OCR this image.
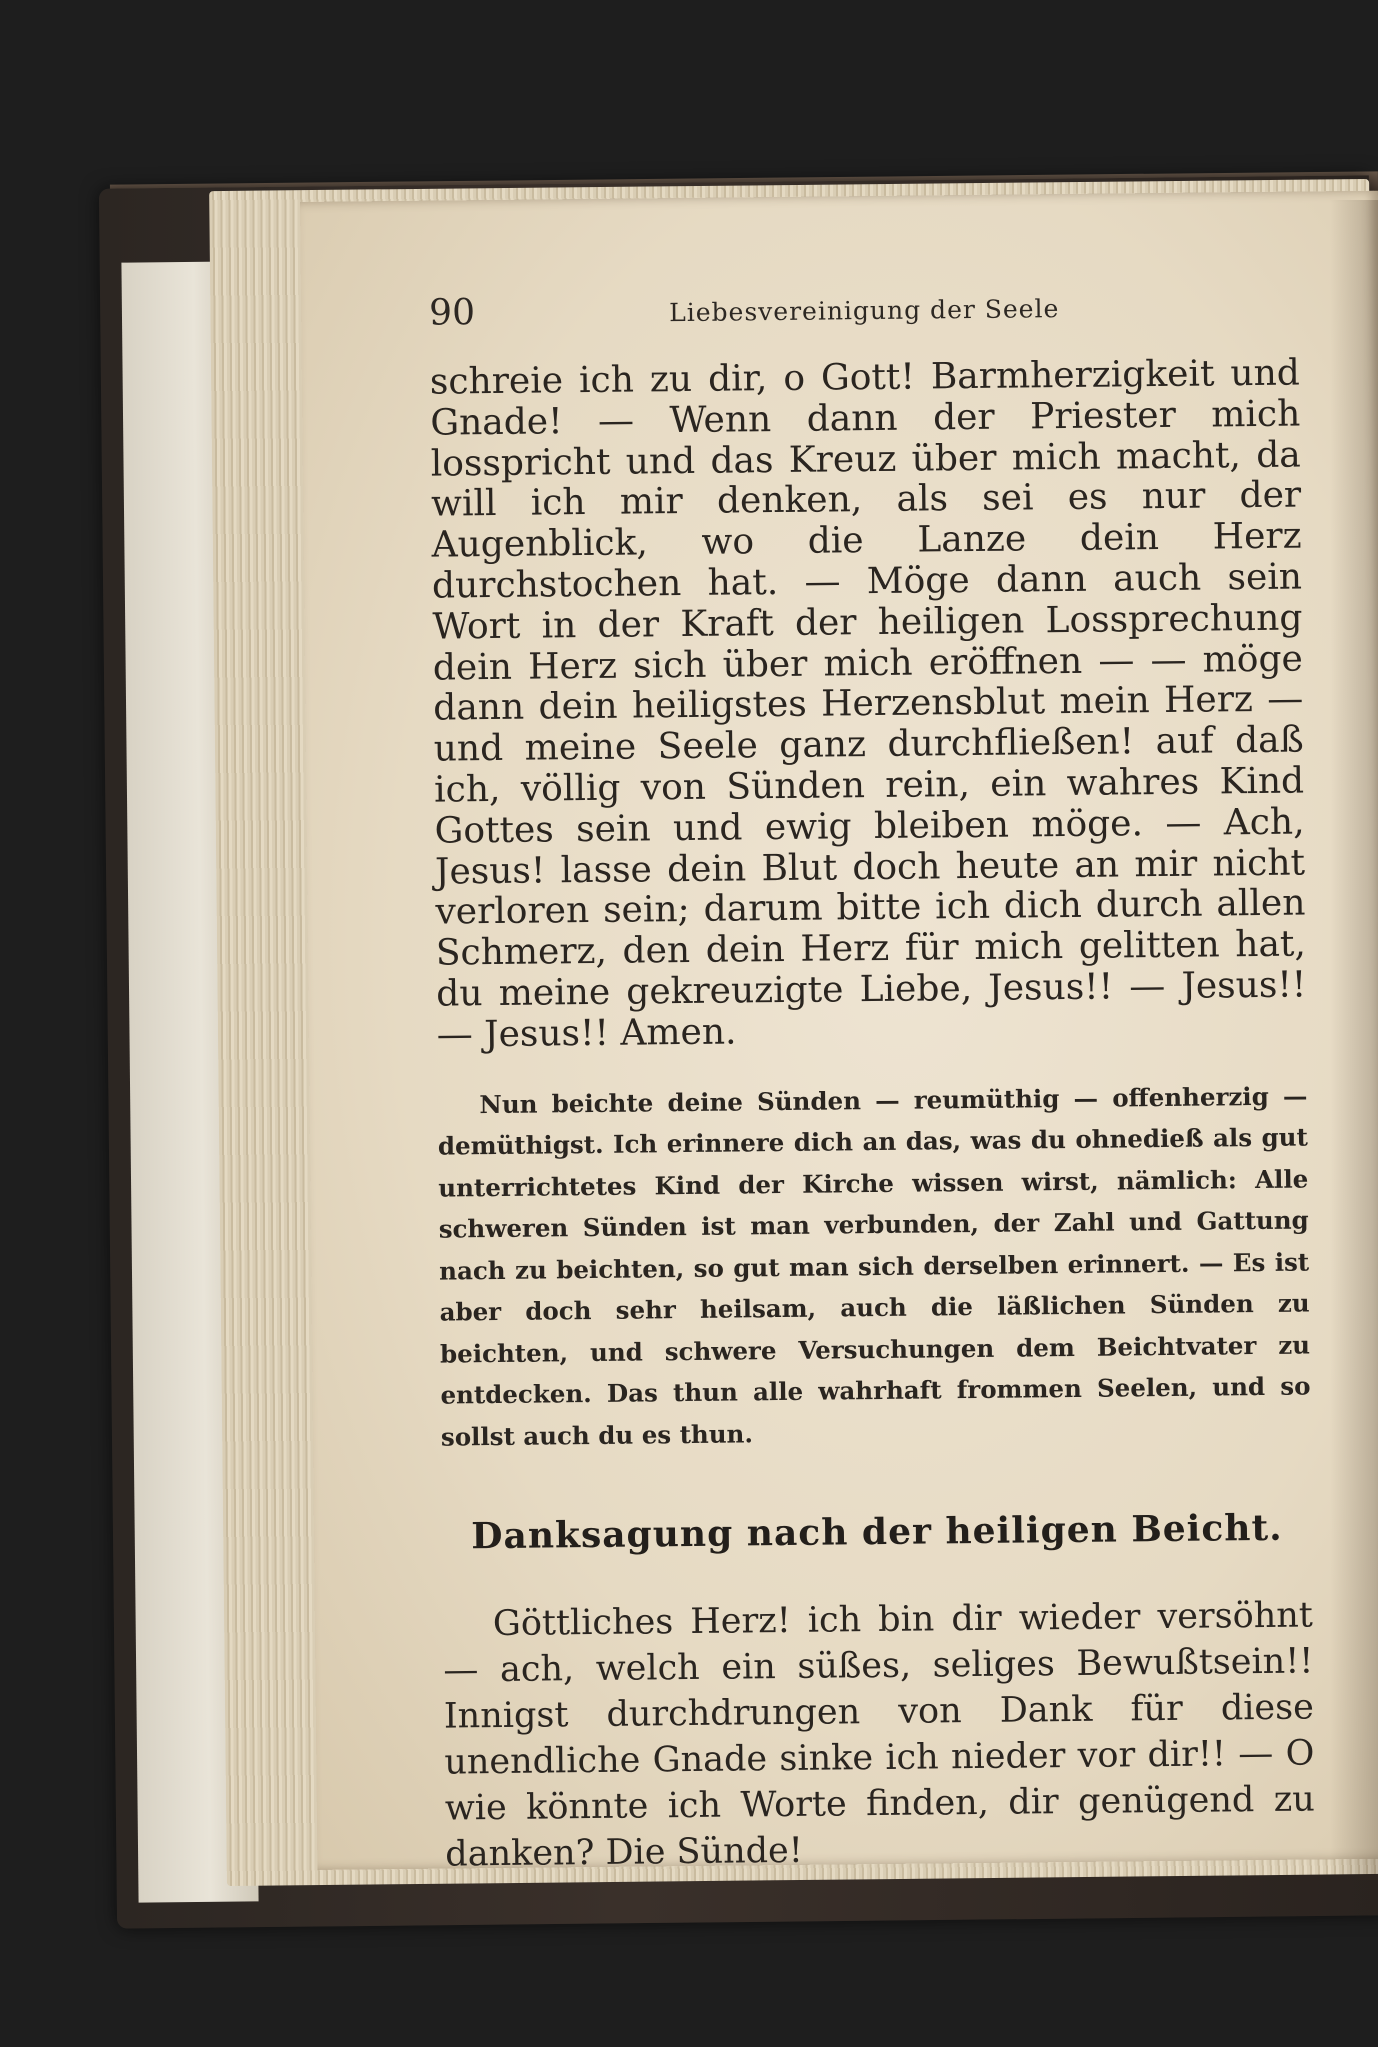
90	Liebesvereinigung der Seele

schreie ich zu dir, o Gott! Barmherzigkeit und Gnade! — Wenn dann der Priester mich losspricht und das Kreuz über mich macht, da will ich mir denken, als sei es nur der Augenblick, wo die Lanze dein Herz durchstochen hat. — Möge dann auch sein Wort in der Kraft der heiligen Lossprechung dein Herz sich über mich eröffnen — — möge dann dein heiligstes Herzensblut mein Herz — und meine Seele ganz durchfließen! auf daß ich, völlig von Sünden rein, ein wahres Kind Gottes sein und ewig bleiben möge. — Ach, Jesus! lasse dein Blut doch heute an mir nicht verloren sein; darum bitte ich dich durch allen Schmerz, den dein Herz für mich gelitten hat, du meine gekreuzigte Liebe, Jesus!! — Jesus!! — Jesus!! Amen.

Nun beichte deine Sünden — reumüthig — offenherzig — demüthigst. Ich erinnere dich an das, was du ohnedieß als gut unterrichtetes Kind der Kirche wissen wirst, nämlich: Alle schweren Sünden ist man verbunden, der Zahl und Gattung nach zu beichten, so gut man sich derselben erinnert. — Es ist aber doch sehr heilsam, auch die läßlichen Sünden zu beichten, und schwere Versuchungen dem Beichtvater zu entdecken. Das thun alle wahrhaft frommen Seelen, und so sollst auch du es thun.

Danksagung nach der heiligen Beicht.

Göttliches Herz! ich bin dir wieder versöhnt — ach, welch ein süßes, seliges Bewußtsein!! Innigst durchdrungen von Dank für diese unendliche Gnade sinke ich nieder vor dir!! — O wie könnte ich Worte finden, dir genügend zu danken? Die Sünde!
